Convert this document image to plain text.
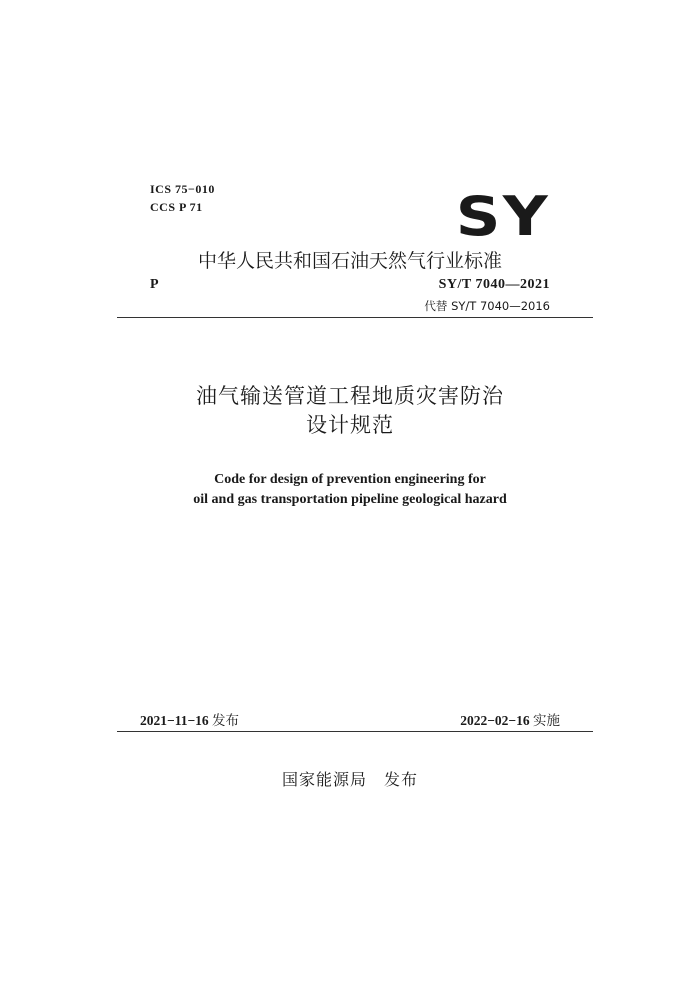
ICS 75−010
CCS P 71	SY
中华人民共和国石油天然气行业标准
P	SY/T 7040—2021
代替 SY/T 7040—2016
油气输送管道工程地质灾害防治
设计规范
Code for design of prevention engineering for
oil and gas transportation pipeline geological hazard
2021−11−16 发布	2022−02−16 实施
国家能源局　发布
